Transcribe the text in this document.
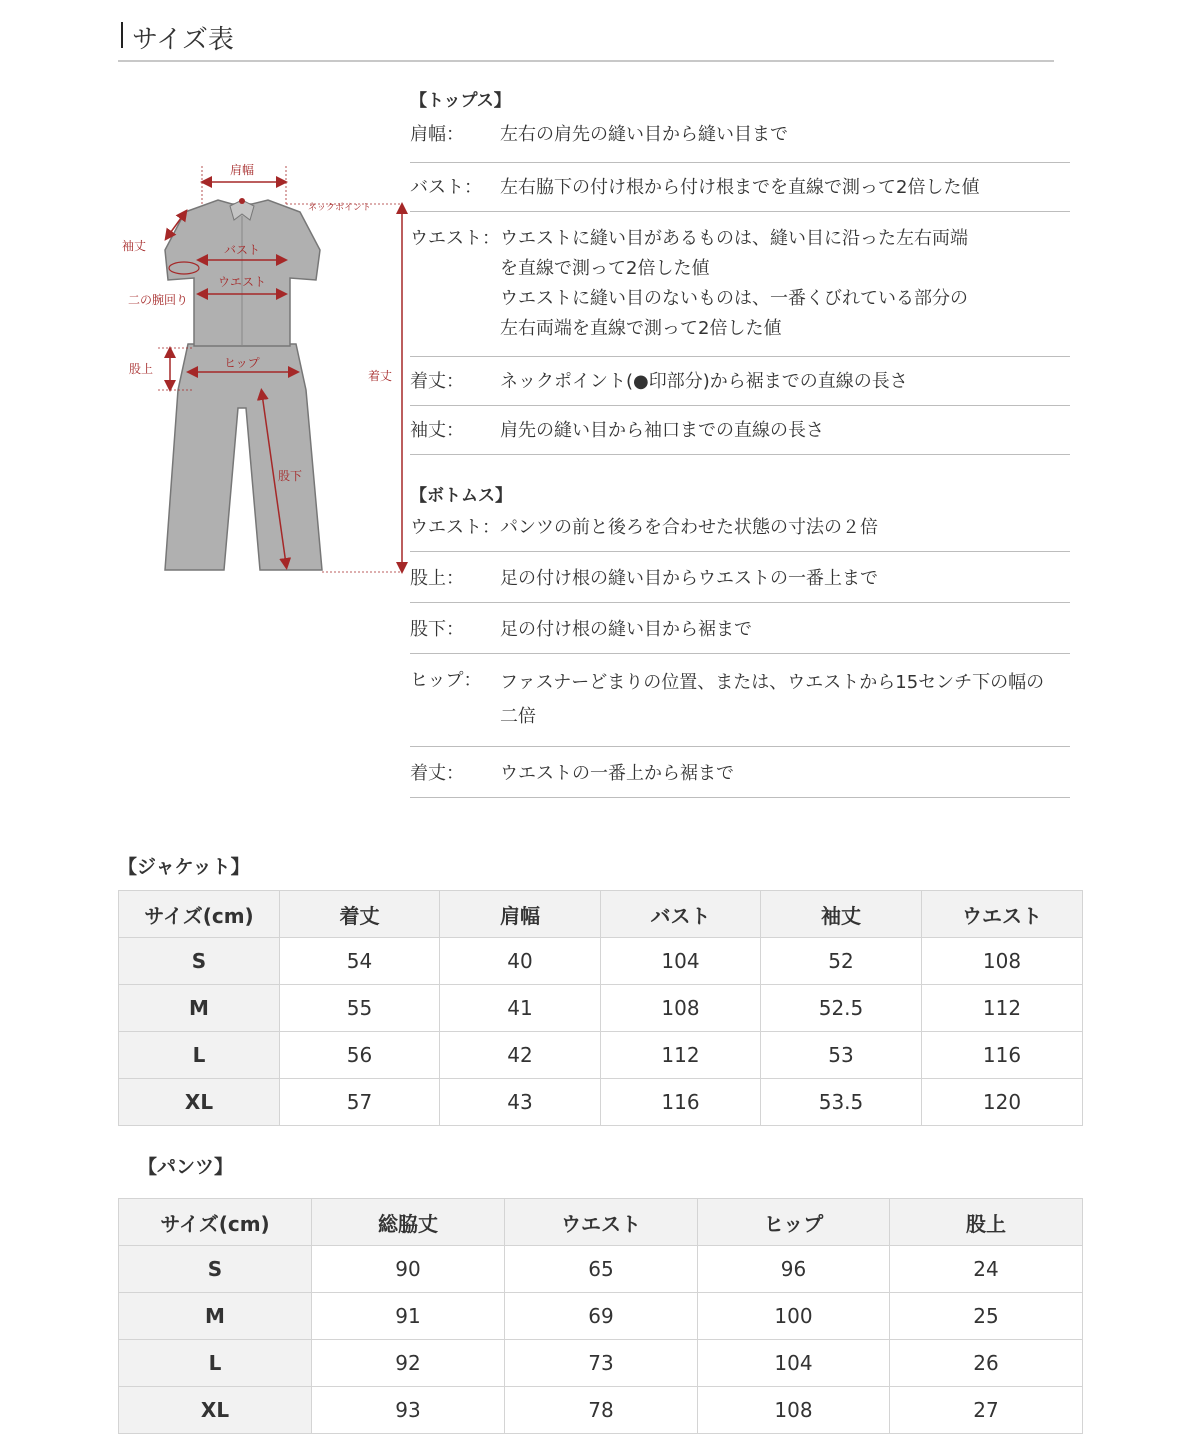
サイズ表
肩幅
ネックポイント
袖丈	バスト
ウエスト
二の腕回り
股上	ヒップ
着丈
股下
【トップス】
肩幅：	左右の肩先の縫い目から縫い目まで
バスト：	左右脇下の付け根から付け根までを直線で測って2倍した値
ウエスト： ウエストに縫い目があるものは、縫い目に沿った左右両端
を直線で測って2倍した値
ウエストに縫い目のないものは、一番くびれている部分の
左右両端を直線で測って2倍した値
着丈：	ネックポイント(●印部分)から裾までの直線の長さ
袖丈：	肩先の縫い目から袖口までの直線の長さ
【ボトムス】
ウエスト： パンツの前と後ろを合わせた状態の寸法の２倍
股上：	足の付け根の縫い目からウエストの一番上まで
股下：	足の付け根の縫い目から裾まで
ヒップ：	ファスナーどまりの位置、または、ウエストから15センチ下の幅の
二倍
着丈：	ウエストの一番上から裾まで
【ジャケット】
サイズ(cm)	着丈	肩幅	バスト	袖丈	ウエスト
S	54	40	104	52	108
M	55	41	108	52.5	112
L	56	42	112	53	116
XL	57	43	116	53.5	120
【パンツ】
サイズ(cm)	総脇丈	ウエスト	ヒップ	股上
S	90	65	96	24
M	91	69	100	25
L	92	73	104	26
XL	93	78	108	27
